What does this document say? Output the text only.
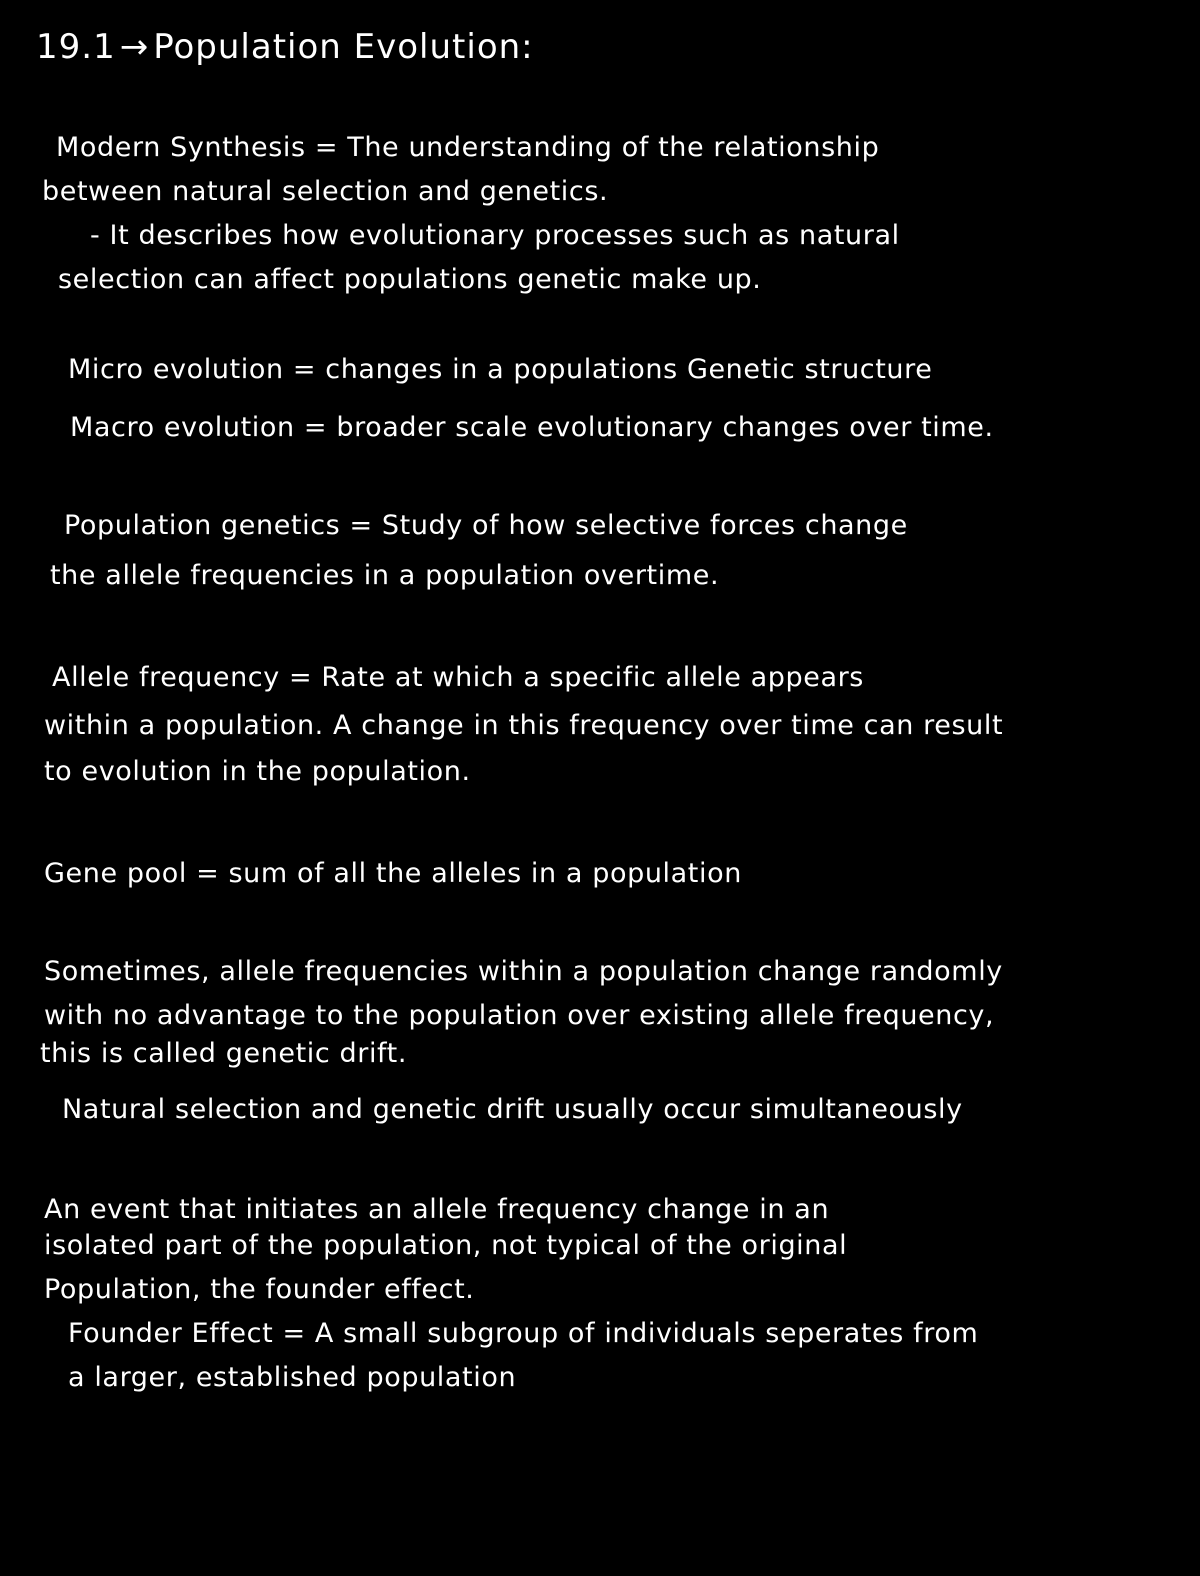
19.1 → Population Evolution:
Modern Synthesis = The understanding of the relationship
between natural selection and genetics.
- It describes how evolutionary processes such as natural
selection can affect populations genetic make up.
Micro evolution = changes in a populations Genetic structure
Macro evolution = broader scale evolutionary changes over time.
Population genetics = Study of how selective forces change
the allele frequencies in a population overtime.
Allele frequency = Rate at which a specific allele appears
within a population. A change in this frequency over time can result
to evolution in the population.
Gene pool = sum of all the alleles in a population
Sometimes, allele frequencies within a population change randomly
with no advantage to the population over existing allele frequency,
this is called genetic drift.
Natural selection and genetic drift usually occur simultaneously
An event that initiates an allele frequency change in an
isolated part of the population, not typical of the original
Population, the founder effect.
Founder Effect = A small subgroup of individuals seperates from
a larger, established population
